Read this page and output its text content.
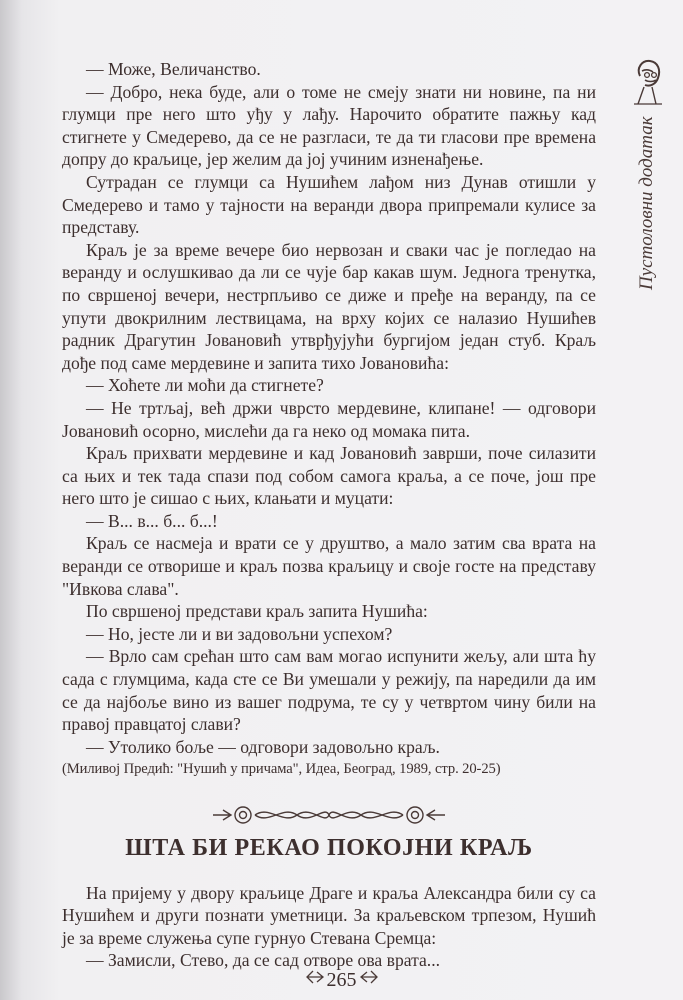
Пустоловни додатак

— Може, Величанство.

— Добро, нека буде, али о томе не смеју знати ни новине, па ни глумци пре него што уђу у лађу. Нарочито обратите пажњу кад стигнете у Смедерево, да се не разгласи, те да ти гласови пре времена допру до краљице, јер желим да јој учиним изненађење.

Сутрадан се глумци са Нушићем лађом низ Дунав отишли у Смедерево и тамо у тајности на веранди двора припремали кулисе за представу.

Краљ је за време вечере био нервозан и сваки час је погледао на веранду и ослушкивао да ли се чује бар какав шум. Једнога тренутка, по свршеној вечери, нестрпљиво се диже и пређе на веранду, па се упути двокрилним лествицама, на врху којих се налазио Нушићев радник Драгутин Јовановић утврђујући бургијом један стуб. Краљ дође под саме мердевине и запита тихо Јовановића:

— Хоћете ли моћи да стигнете?

— Не тртљај, већ држи чврсто мердевине, клипане! — одговори Јовановић осорно, мислећи да га неко од момака пита.

Краљ прихвати мердевине и кад Јовановић заврши, поче силазити са њих и тек тада спази под собом самога краља, а се поче, још пре него што је сишао с њих, клањати и муцати:

— В... в... б... б...!

Краљ се насмеја и врати се у друштво, а мало затим сва врата на веранди се отворише и краљ позва краљицу и своје госте на представу "Ивкова слава".

По свршеној представи краљ запита Нушића:

— Но, јесте ли и ви задовољни успехом?

— Врло сам срећан што сам вам могао испунити жељу, али шта ћу сада с глумцима, када сте се Ви умешали у режију, па наредили да им се да најбоље вино из вашег подрума, те су у четвртом чину били на правој правцатој слави?

— Утолико боље — одговори задовољно краљ.

(Миливој Предић: "Нушић у причама", Идеа, Београд, 1989, стр. 20-25)

ШТА БИ РЕКАО ПОКОЈНИ КРАЉ

На пријему у двору краљице Драге и краља Александра били су са Нушићем и други познати уметници. За краљевском трпезом, Нушић је за време служења супе гурнуо Стевана Сремца:

— Замисли, Стево, да се сад отворе ова врата...

265
